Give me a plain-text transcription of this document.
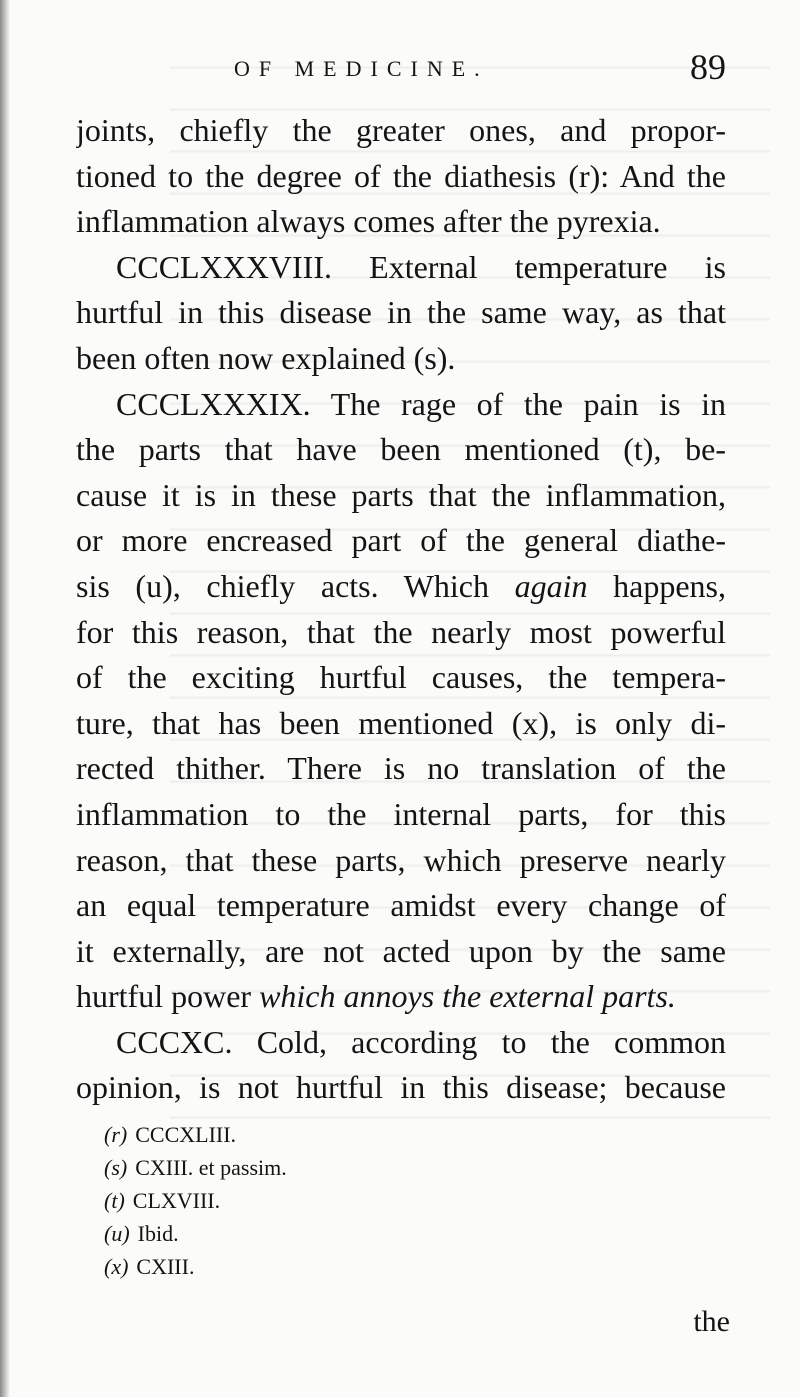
OF MEDICINE.	89
joints, chiefly the greater ones, and propor-
tioned to the degree of the diathesis (r): And the
inflammation always comes after the pyrexia.
CCCLXXXVIII. External temperature is
hurtful in this disease in the same way, as that
been often now explained (s).
CCCLXXXIX. The rage of the pain is in
the parts that have been mentioned (t), be-
cause it is in these parts that the inflammation,
or more encreased part of the general diathe-
sis (u), chiefly acts. Which again happens,
for this reason, that the nearly most powerful
of the exciting hurtful causes, the tempera-
ture, that has been mentioned (x), is only di-
rected thither. There is no translation of the
inflammation to the internal parts, for this
reason, that these parts, which preserve nearly
an equal temperature amidst every change of
it externally, are not acted upon by the same
hurtful power which annoys the external parts.
CCCXC. Cold, according to the common
opinion, is not hurtful in this disease; because
(r) CCCXLIII.
(s) CXIII. et passim.
(t) CLXVIII.
(u) Ibid.
(x) CXIII.
the
